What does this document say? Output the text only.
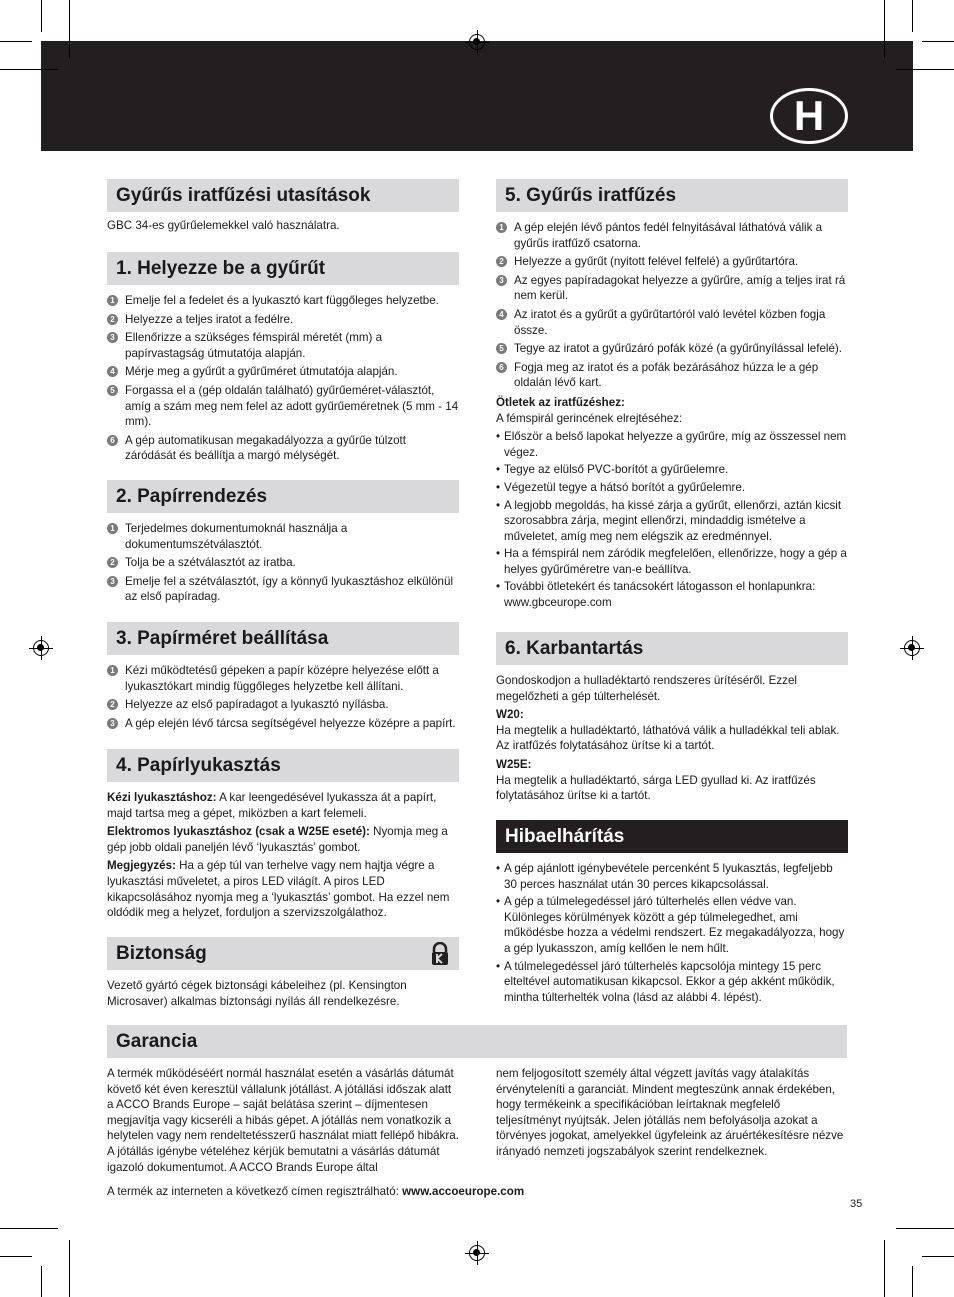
H
Gyűrűs iratfűzési utasítások
GBC 34-es gyűrűelemekkel való használatra.
1. Helyezze be a gyűrűt
1 Emelje fel a fedelet és a lyukasztó kart függőleges helyzetbe.
2 Helyezze a teljes iratot a fedélre.
3 Ellenőrizze a szükséges fémspirál méretét (mm) a papírvastagság útmutatója alapján.
4 Mérje meg a gyűrűt a gyűrűméret útmutatója alapján.
5 Forgassa el a (gép oldalán található) gyűrűeméret-választót, amíg a szám meg nem felel az adott gyűrűeméretnek (5 mm - 14 mm).
6 A gép automatikusan megakadályozza a gyűrűe túlzott záródását és beállítja a margó mélységét.
2. Papírrendezés
1 Terjedelmes dokumentumoknál használja a dokumentumszétválasztót.
2 Tolja be a szétválasztót az iratba.
3 Emelje fel a szétválasztót, így a könnyű lyukasztáshoz elkülönül az első papíradag.
3. Papírméret beállítása
1 Kézi működtetésű gépeken a papír középre helyezése előtt a lyukasztókart mindig függőleges helyzetbe kell állítani.
2 Helyezze az első papíradagot a lyukasztó nyílásba.
3 A gép elején lévő tárcsa segítségével helyezze középre a papírt.
4. Papírlyukasztás

Kézi lyukasztáshoz: A kar leengedésével lyukassza át a papírt, majd tartsa meg a gépet, miközben a kart felemeli.

Elektromos lyukasztáshoz (csak a W25E eseté): Nyomja meg a gép jobb oldali paneljén lévő ‘lyukasztás’ gombot.

Megjegyzés: Ha a gép túl van terhelve vagy nem hajtja végre a lyukasztási műveletet, a piros LED világít. A piros LED kikapcsolásához nyomja meg a ‘lyukasztás’ gombot. Ha ezzel nem oldódik meg a helyzet, forduljon a szervizszolgálathoz.

Biztonság
Vezető gyártó cégek biztonsági kábeleihez (pl. Kensington Microsaver) alkalmas biztonsági nyílás áll rendelkezésre.
5. Gyűrűs iratfűzés
1 A gép elején lévő pántos fedél felnyitásával láthatóvá válik a gyűrűs iratfűző csatorna.
2 Helyezze a gyűrűt (nyitott felével felfelé) a gyűrűtartóra.
3 Az egyes papíradagokat helyezze a gyűrűre, amíg a teljes irat rá nem kerül.
4 Az iratot és a gyűrűt a gyűrűtartóról való levétel közben fogja össze.
5 Tegye az iratot a gyűrűzáró pofák közé (a gyűrűnyílással lefelé).
6 Fogja meg az iratot és a pofák bezárásához húzza le a gép oldalán lévő kart.

Ötletek az iratfűzéshez:

A fémspirál gerincének elrejtéséhez:

• Először a belső lapokat helyezze a gyűrűre, míg az összessel nem végez.
• Tegye az elülső PVC-borítót a gyűrűelemre.
• Végezetül tegye a hátsó borítót a gyűrűelemre.
• A legjobb megoldás, ha kissé zárja a gyűrűt, ellenőrzi, aztán kicsit szorosabbra zárja, megint ellenőrzi, mindaddig ismételve a műveletet, amíg meg nem elégszik az eredménnyel.
• Ha a fémspirál nem záródik megfelelően, ellenőrizze, hogy a gép a helyes gyűrűméretre van-e beállítva.
• További ötletekért és tanácsokért látogasson el honlapunkra: www.gbceurope.com
6. Karbantartás

Gondoskodjon a hulladéktartó rendszeres ürítéséről. Ezzel megelőzheti a gép túlterhelését.

W20:

Ha megtelik a hulladéktartó, láthatóvá válik a hulladékkal teli ablak. Az iratfűzés folytatásához ürítse ki a tartót.

W25E:

Ha megtelik a hulladéktartó, sárga LED gyullad ki. Az iratfűzés folytatásához ürítse ki a tartót.

Hibaelhárítás
• A gép ajánlott igénybevétele percenként 5 lyukasztás, legfeljebb 30 perces használat után 30 perces kikapcsolással.
• A gép a túlmelegedéssel járó túlterhelés ellen védve van. Különleges körülmények között a gép túlmelegedhet, ami működésbe hozza a védelmi rendszert. Ez megakadályozza, hogy a gép lyukasszon, amíg kellően le nem hűlt.
• A túlmelegedéssel járó túlterhelés kapcsolója mintegy 15 perc elteltével automatikusan kikapcsol. Ekkor a gép akként működik, mintha túlterhelték volna (lásd az alábbi 4. lépést).
Garancia
A termék működéséért normál használat esetén a vásárlás dátumát követő két éven keresztül vállalunk jótállást. A jótállási időszak alatt a ACCO Brands Europe – saját belátása szerint – díjmentesen megjavítja vagy kicseréli a hibás gépet. A jótállás nem vonatkozik a helytelen vagy nem rendeltetésszerű használat miatt fellépő hibákra. A jótállás igénybe vételéhez kérjük bemutatni a vásárlás dátumát igazoló dokumentumot. A ACCO Brands Europe által
nem feljogosított személy által végzett javítás vagy átalakítás érvényteleníti a garanciát. Mindent megteszünk annak érdekében, hogy termékeink a specifikációban leírtaknak megfelelő teljesítményt nyújtsák. Jelen jótállás nem befolyásolja azokat a törvényes jogokat, amelyekkel ügyfeleink az áruértékesítésre nézve irányadó nemzeti jogszabályok szerint rendelkeznek.
A termék az interneten a következő címen regisztrálható: www.accoeurope.com
35
